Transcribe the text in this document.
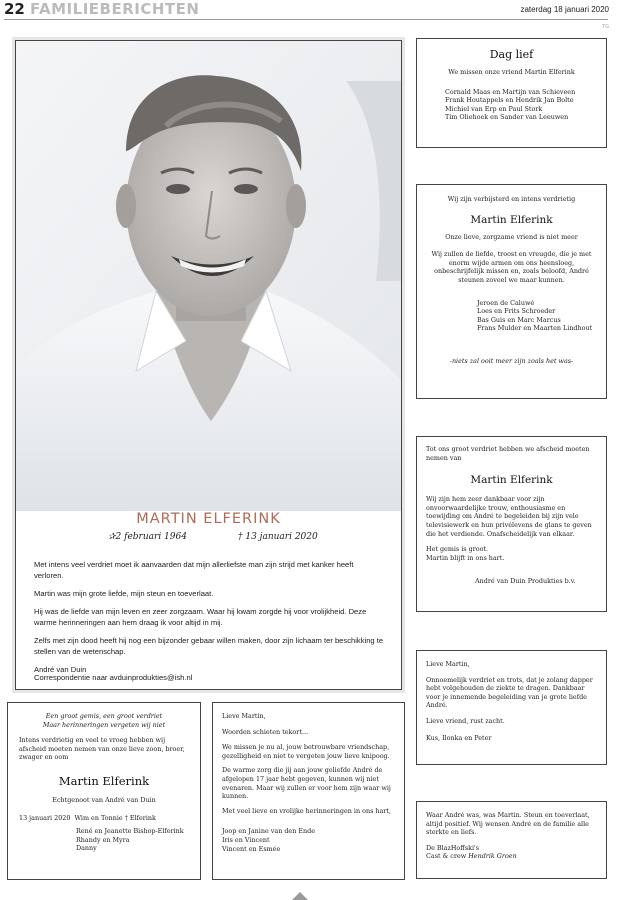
22 FAMILIEBERICHTEN	zaterdag 18 januari 2020
TG
MARTIN ELFERINK
✰2 februari 1964	† 13 januari 2020

Met intens veel verdriet moet ik aanvaarden dat mijn allerliefste man zijn strijd met kanker heeft verloren.

Martin was mijn grote liefde, mijn steun en toeverlaat.

Hij was de liefde van mijn leven en zeer zorgzaam. Waar hij kwam zorgde hij voor vrolijkheid. Deze warme herinneringen aan hem draag ik voor altijd in mij.

Zelfs met zijn dood heeft hij nog een bijzonder gebaar willen maken, door zijn lichaam ter beschikking te stellen van de wetenschap.

André van Duin

Correspondentie naar avduinprodukties@ish.nl
Dag lief
We missen onze vriend Martin Elferink
Cornald Maas en Martijn van Schieveen
Frank Houtappels en Hendrik Jan Bolte
Michiel van Erp en Paul Stork
Tim Oliehoek en Sander van Leeuwen
Wij zijn verbijsterd en intens verdrietig
Martin Elferink
Onze lieve, zorgzame vriend is niet meer
Wij zullen de liefde, troost en vreugde, die je met enorm wijde armen om ons heensloeg, onbeschrijfelijk missen en, zoals beloofd, André steunen zoveel we maar kunnen.
Jeroen de Caluwé
Loes en Frits Schroeder
Bas Guis en Marc Marcus
Frans Mulder en Maarten Lindhout
-niets zal ooit meer zijn zoals het was-
Tot ons groot verdriet hebben we afscheid moeten nemen van
Martin Elferink
Wij zijn hem zeer dankbaar voor zijn onvoorwaardelijke trouw, enthousiasme en toewijding om André te begeleiden bij zijn vele televisiewerk en hun privélevens de glans te geven die het verdiende. Onafscheidelijk van elkaar.
Het gemis is groot.
Martin blijft in ons hart.
André van Duin Produkties b.v.
Lieve Martin,
Onnoemelijk verdriet en trots, dat je zolang dapper hebt volgehouden de ziekte te dragen. Dankbaar voor je innemende begeleiding van je grote liefde André.
Lieve vriend, rust zacht.
Kus, Ilonka en Peter
Een groot gemis, een groot verdriet
Maar herinneringen vergeten wij niet
Intens verdrietig en veel te vroeg hebben wij afscheid moeten nemen van onze lieve zoon, broer, zwager en oom
Martin Elferink
Echtgenoot van André van Duin
13 januari 2020 Wim en Tonnie † Elferink
René en Jeanette Bishop-Elferink
Rhandy en Myra
Danny
Lieve Martin,
Woorden schieten tekort…
We missen je nu al, jouw betrouwbare vriendschap, gezelligheid en niet te vergeten jouw lieve knipoog.
De warme zorg die jij aan jouw geliefde André de afgelopen 17 jaar hebt gegeven, kunnen wij niet evenaren. Maar wij zullen er voor hem zijn waar wij kunnen.
Met veel lieve en vrolijke herinneringen in ons hart,
Joop en Janine van den Ende
Iris en Vincent
Vincent en Esmée
Waar André was, was Martin. Steun en toeverlaat, altijd positief. Wij wensen André en de familie alle sterkte en liefs.
De BlazHoffski's
Cast & crew Hendrik Groen
